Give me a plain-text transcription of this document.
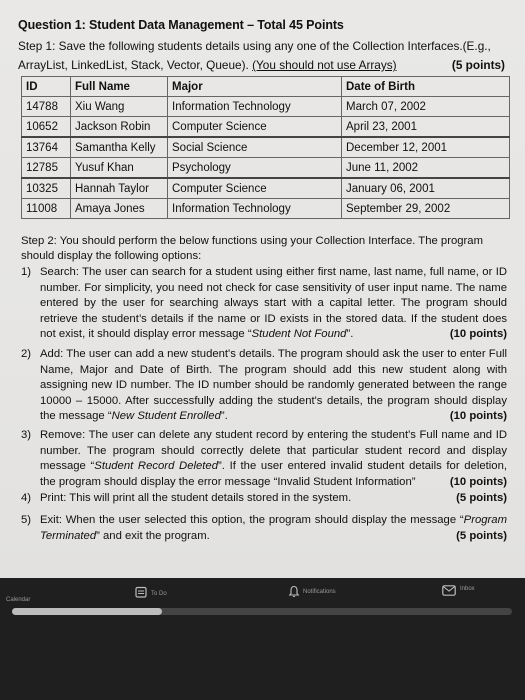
Question 1: Student Data Management – Total 45 Points
Step 1: Save the following students details using any one of the Collection Interfaces.(E.g.,
ArrayList, LinkedList, Stack, Vector, Queue). (You should not use Arrays)	(5 points)
ID	Full Name	Major	Date of Birth
14788	Xiu Wang	Information Technology	March 07, 2002
10652	Jackson Robin	Computer Science	April 23, 2001
13764	Samantha Kelly	Social Science	December 12, 2001
12785	Yusuf Khan	Psychology	June 11, 2002
10325	Hannah Taylor	Computer Science	January 06, 2001
11008	Amaya Jones	Information Technology	September 29, 2002
Step 2: You should perform the below functions using your Collection Interface. The program should display the following options:
1) Search: The user can search for a student using either first name, last name, full name, or ID number. For simplicity, you need not check for case sensitivity of user input name. The name entered by the user for searching always start with a capital letter. The program should retrieve the student’s details if the name or ID exists in the stored data. If the student does not exist, it should display error message “Student Not Found”.	(10 points)
2) Add: The user can add a new student's details. The program should ask the user to enter Full Name, Major and Date of Birth. The program should add this new student along with assigning new ID number. The ID number should be randomly generated between the range 10000 – 15000. After successfully adding the student's details, the program should display the message “New Student Enrolled”.	(10 points)
3) Remove: The user can delete any student record by entering the student's Full name and ID number. The program should correctly delete that particular student record and display message “Student Record Deleted”. If the user entered invalid student details for deletion, the program should display the error message “Invalid Student Information”	(10 points)
4) Print: This will print all the student details stored in the system.	(5 points)
5) Exit: When the user selected this option, the program should display the message “Program Terminated” and exit the program.	(5 points)
Calendar
To Do	Notifications	Inbox
